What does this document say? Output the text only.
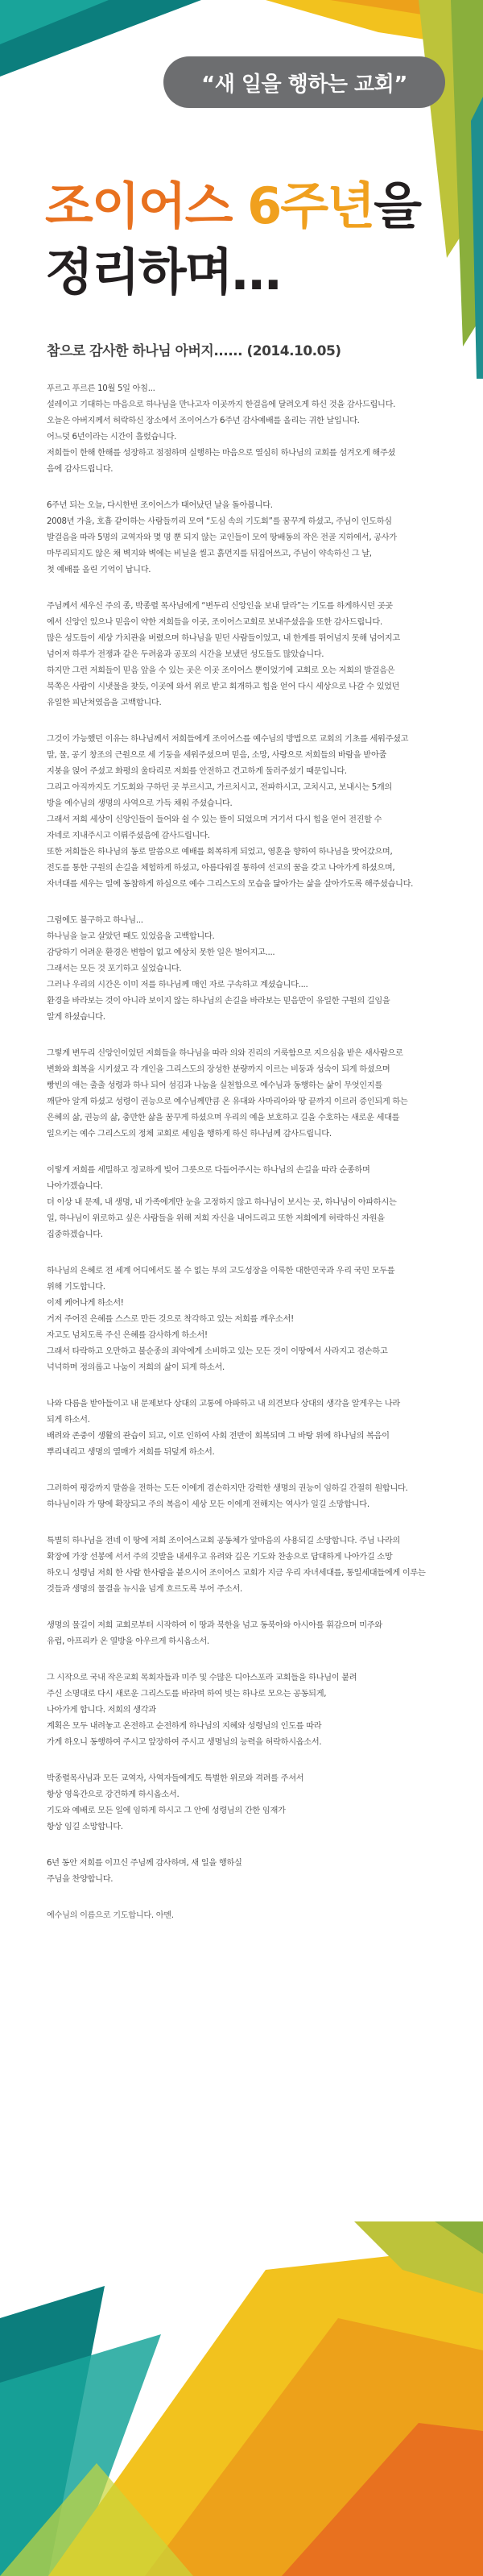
“새 일을 행하는 교회”
조이어스 6주년을
정리하며…
참으로 감사한 하나님 아버지...... (2014.10.05)
푸르고 푸르른 10월 5일 아침...
설레이고 기대하는 마음으로 하나님을 만나고자 이곳까지 한걸음에 달려오게 하신 것을 감사드립니다.
오늘은 아버지께서 허락하신 장소에서 조이어스가 6주년 감사예배를 올리는 귀한 날입니다.
어느덧 6년이라는 시간이 흘렀습니다.
저희들이 한해 한해를 성장하고 점점하며 실행하는 마음으로 열심히 하나님의 교회를 섬겨오게 해주셨
음에 감사드립니다.
6주년 되는 오늘, 다시한번 조이어스가 태어났던 날을 돌아봅니다.
2008년 가을, 호흡 같이하는 사람들끼리 모여 “도심 속의 기도회”를 꿈꾸게 하셨고, 주님이 인도하심
발걸음을 따라 5명의 교역자와 몇 명 뿐 되지 않는 교인들이 모여 땅배동의 작은 전골 지하에서, 공사가
마무리되지도 않은 채 벽지와 벽에는 비닐을 씰고 흙먼지를 뒤집어쓰고, 주님이 약속하신 그 날,
첫 예배를 올린 기억이 납니다.
주님께서 세우신 주의 종, 박종렬 목사님에게 “변두리 신앙인을 보내 달라”는 기도를 하게하시던 곳곳
에서 신앙인 있으나 믿음이 약한 저희들을 이곳, 조이어스교회로 보내주셨음을 또한 감사드립니다.
많은 성도들이 세상 가치관을 버렸으며 하나님을 믿던 사람들이었고, 내 한계를 뛰어넘지 못해 넘어지고
넘어져 하루가 전쟁과 같은 두려움과 공포의 시간을 보냈던 성도들도 많았습니다.
하지만 그런 저희들이 믿음 앞을 수 있는 곳은 이곳 조이어스 뿐이었기에 교회로 오는 저희의 발걸음은
북쪽은 사람이 시냇물을 찾듯, 이곳에 와서 위로 받고 회개하고 힘을 얻어 다시 세상으로 나갈 수 있었던
유일한 피난처였음을 고백합니다.
그것이 가능했던 이유는 하나님께서 저희들에게 조이어스를 예수님의 방법으로 교회의 기초를 세워주셨고
말, 물, 공기 창조의 근원으로 세 기둥을 세워주셨으며 믿음, 소망, 사랑으로 저희들의 바람을 받아줄
지붕을 얹어 주셨고 화평의 울타리로 저희를 안전하고 견고하게 둘러주셨기 때문입니다.
그리고 아직까지도 기도회와 구하던 곳 부르시고, 가르치시고, 전파하시고, 고치시고, 보내시는 5개의
방을 예수님의 생명의 사역으로 가득 채워 주셨습니다.
그래서 저희 세상이 신앙인들이 들어와 쉴 수 있는 뜰이 되었으며 거기서 다시 힘을 얻어 전진할 수
자네로 지내주시고 이뤄주셨음에 감사드립니다.
또한 저희들은 하나님의 동로 말씀으로 예배를 회복하게 되었고, 영혼을 향하여 하나님을 맛어갔으며,
전도를 통한 구원의 손길을 체험하게 하셨고, 아름다워질 통하여 선교의 꿈을 갖고 나아가게 하셨으며,
자녀대를 세우는 일에 동참하게 하심으로 예수 그리스도의 모습을 닮아가는 삶을 살아가도록 해주셨습니다.
그럼에도 불구하고 하나님...
하나님을 늘고 살았던 때도 있었음을 고백합니다.
감당하기 어려운 환경은 변함이 없고 예상치 못한 일은 벌어지고....
그래서는 모든 것 포기하고 싶었습니다.
그러나 우리의 시간은 이미 저를 하나님께 매인 자로 구속하고 계셨습니다....
환경을 바라보는 것이 아니라 보이지 않는 하나님의 손길을 바라보는 믿음만이 유일한 구원의 길임을
알게 하셨습니다.
그렇게 변두리 신앙인이었던 저희들을 하나님을 따라 의와 진리의 거룩함으로 지으심을 받은 새사람으로
변화와 회복을 시키셨고 각 개인을 그리스도의 장성한 분량까지 이르는 비둥과 성숙이 되게 하셨으며
빵빈의 애는 출출 성령과 하나 되어 섬김과 나눔을 실천함으로 예수님과 동행하는 삶이 무엇인지를
깨닫아 알게 하셨고 성령이 권능으로 예수님께만큼 온 유대와 사마리아와 땅 끝까지 이르러 증인되게 하는
은혜의 삶, 권능의 삶, 충만한 삶을 꿈꾸게 하셨으며 우리의 예을 보호하고 길을 수호하는 새로운 세대를
일으키는 예수 그리스도의 정체 교회로 세임을 행하게 하신 하나님께 감사드립니다.
이렇게 저희를 세밀하고 정교하게 빚어 그릇으로 다듬어주시는 하나님의 손길을 따라 순종하며
나아가겠습니다.
더 이상 내 문제, 내 생명, 내 가족에게만 눈을 고정하지 않고 하나님이 보시는 곳, 하나님이 아파하시는
일, 하나님이 위로하고 싶은 사람들을 위해 저희 자신을 내어드리고 또한 저희에게 허락하신 자원을
집중하겠습니다.
하나님의 은혜로 전 세계 어디에서도 볼 수 없는 부의 고도성장을 이룩한 대한민국과 우리 국민 모두를
위해 기도합니다.
이제 케어나게 하소서!
거저 주어진 은혜를 스스로 만든 것으로 착각하고 있는 저희를 깨우소서!
자고도 넘치도록 주신 은혜를 감사하게 하소서!
그래서 타락하고 오만하고 불순종의 죄악에게 소비하고 있는 모든 것이 이땅에서 사라지고 겸손하고
넉넉하며 정의롭고 나눔이 저희의 삶이 되게 하소서.
나와 다름을 받아들이고 내 문제보다 상대의 고통에 아파하고 내 의견보다 상대의 생각을 알게우는 나라
되게 하소서.
배려와 존중이 생활의 관습이 되고, 이로 인하여 사회 전반이 회복되며 그 바탕 위에 하나님의 복음이
뿌리내리고 생명의 열매가 저희를 뒤덮게 하소서.
그러하여 평강까지 말씀을 전하는 도든 이에게 겸손하지만 강력한 생명의 권능이 임하길 간절히 원합니다.
하나님이라 가 땅에 확장되고 주의 복음이 세상 모든 이에게 전해지는 역사가 일길 소망합니다.
특별히 하나님을 전네 이 땅에 저희 조이어스교회 공동체가 앞마음의 사용되길 소망합니다. 주님 나라의
확장에 가장 선봉에 서서 주의 깃발을 내세우고 유려와 깊은 기도와 찬송으로 답대하게 나아가길 소망
하오니 성령님 저희 한 사람 한사람을 붙으시어 조이어스 교회가 지금 우리 자녀세대를, 통일세대들에게 이루는
것들과 생명의 물결을 뉴시을 넘게 흐르도록 부어 주소서.
생명의 물길이 저희 교회로부터 시작하여 이 땅과 북한을 넘고 동북아와 아시아를 휘감으며 미주와
유럽, 아프리카 온 열방을 아우르게 하시옵소서.
그 시작으로 국내 작은교회 목회자들과 미주 및 수많은 디아스포라 교회들을 하나님이 붙려
주신 소명대로 다시 새로운 그리스도를 바라며 하여 빗는 하나로 모으는 공동되게,
나아가게 합니다. 저희의 생각과
계획은 모두 내려놓고 온전하고 순전하게 하나님의 지혜와 성령님의 인도를 따라
가게 하오니 동행하여 주시고 앞장하여 주시고 생명님의 능력을 허락하시옵소서.
박종렬목사님과 모든 교역자, 사역자들에게도 특별한 위로와 격려를 주셔서
항상 영육간으로 강건하게 하시옵소서.
기도와 예배로 모든 일에 임하게 하시고 그 안에 성령님의 간한 임재가
항상 임길 소망합니다.
6년 동안 저희를 이끄신 주님께 감사하며, 새 일을 행하실
주님을 찬양합니다.
예수님의 이름으로 기도합니다. 아멘.
